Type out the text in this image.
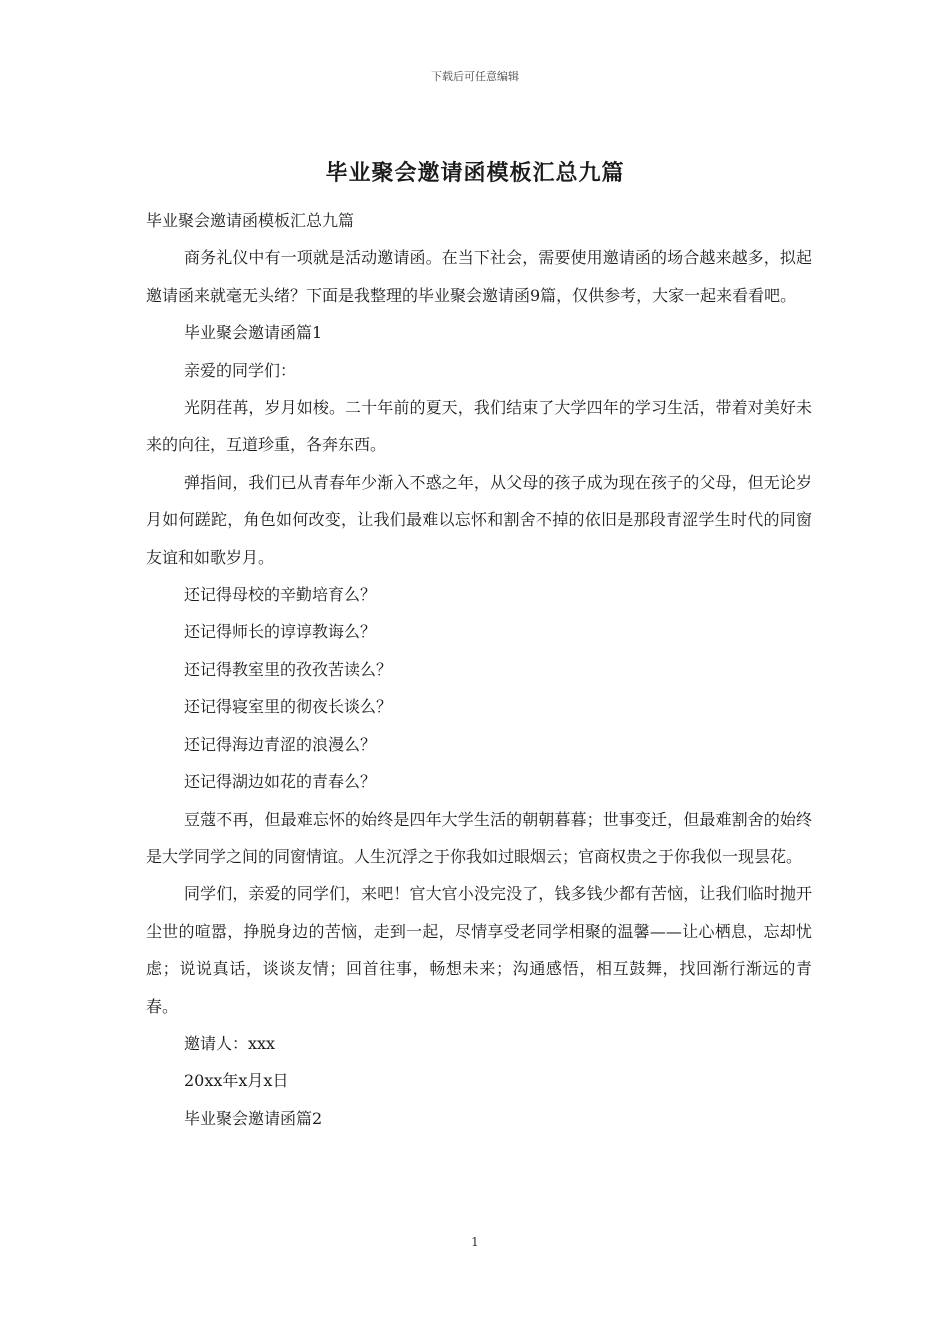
下载后可任意编辑
毕业聚会邀请函模板汇总九篇

毕业聚会邀请函模板汇总九篇

商务礼仪中有一项就是活动邀请函。在当下社会，需要使用邀请函的场合越来越多，拟起邀请函来就毫无头绪？下面是我整理的毕业聚会邀请函9篇，仅供参考，大家一起来看看吧。

毕业聚会邀请函篇1

亲爱的同学们：

光阴荏苒，岁月如梭。二十年前的夏天，我们结束了大学四年的学习生活，带着对美好未来的向往，互道珍重，各奔东西。

弹指间，我们已从青春年少渐入不惑之年，从父母的孩子成为现在孩子的父母，但无论岁月如何蹉跎，角色如何改变，让我们最难以忘怀和割舍不掉的依旧是那段青涩学生时代的同窗友谊和如歌岁月。

还记得母校的辛勤培育么？

还记得师长的谆谆教诲么？

还记得教室里的孜孜苦读么？

还记得寝室里的彻夜长谈么？

还记得海边青涩的浪漫么？

还记得湖边如花的青春么？

豆蔻不再，但最难忘怀的始终是四年大学生活的朝朝暮暮；世事变迁，但最难割舍的始终是大学同学之间的同窗情谊。人生沉浮之于你我如过眼烟云；官商权贵之于你我似一现昙花。

同学们，亲爱的同学们，来吧！官大官小没完没了，钱多钱少都有苦恼，让我们临时抛开尘世的喧嚣，挣脱身边的苦恼，走到一起，尽情享受老同学相聚的温馨——让心栖息，忘却忧虑；说说真话，谈谈友情；回首往事，畅想未来；沟通感悟，相互鼓舞，找回渐行渐远的青春。

邀请人：xxx

20xx年x月x日

毕业聚会邀请函篇2

1
